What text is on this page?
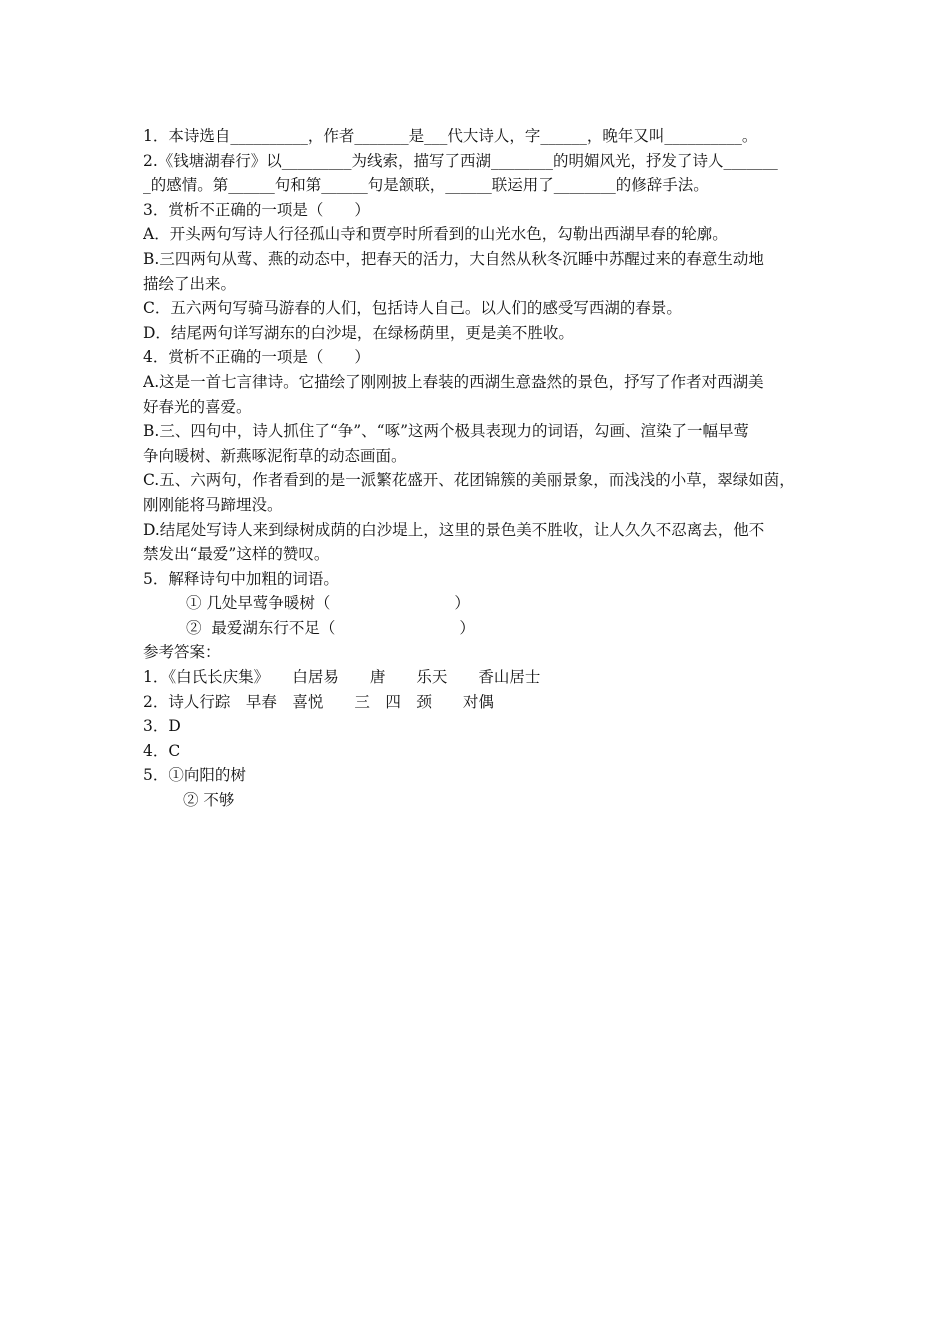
1．本诗选自__________，作者_______是___代大诗人，字______，晚年又叫__________。
2.《钱塘湖春行》以_________为线索，描写了西湖________的明媚风光，抒发了诗人_______
_的感情。第______句和第______句是颔联，______联运用了________的修辞手法。
3．赏析不正确的一项是（　　）
A．开头两句写诗人行径孤山寺和贾亭时所看到的山光水色，勾勒出西湖早春的轮廓。
B.三四两句从莺、燕的动态中，把春天的活力，大自然从秋冬沉睡中苏醒过来的春意生动地
描绘了出来。
C．五六两句写骑马游春的人们，包括诗人自己。以人们的感受写西湖的春景。
D．结尾两句详写湖东的白沙堤，在绿杨荫里，更是美不胜收。
4．赏析不正确的一项是（　　）
A.这是一首七言律诗。它描绘了刚刚披上春装的西湖生意盎然的景色，抒写了作者对西湖美
好春光的喜爱。
B.三、四句中，诗人抓住了“争”、“啄”这两个极具表现力的词语，勾画、渲染了一幅早莺
争向暖树、新燕啄泥衔草的动态画面。
C.五、六两句，作者看到的是一派繁花盛开、花团锦簇的美丽景象，而浅浅的小草，翠绿如茵，
刚刚能将马蹄埋没。
D.结尾处写诗人来到绿树成荫的白沙堤上，这里的景色美不胜收，让人久久不忍离去，他不
禁发出“最爱”这样的赞叹。
5．解释诗句中加粗的词语。
① 几处早莺争暖树（　　　　　　　　）
②  最爱湖东行不足（　　　　　　　　）
参考答案：
1．《白氏长庆集》　　白居易　　唐　　乐天　　香山居士
2．诗人行踪　早春　喜悦　　三　四　颈　　对偶
3．D
4．C
5．①向阳的树
② 不够
